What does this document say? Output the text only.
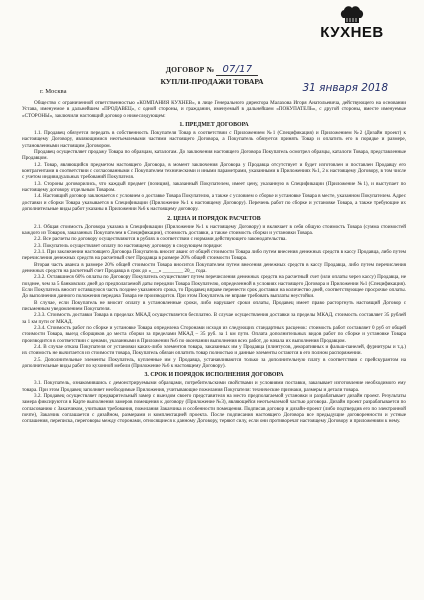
КУХНЕВ
ДОГОВОР № 07/17
КУПЛИ-ПРОДАЖИ ТОВАРА
г. Москва	31 января 2018

Общество с ограниченной ответственностью «КОМПАНИЯ КУХНЕВ», в лице Генерального директора Малахова Игоря Анатольевича, действующего на основании Устава, именуемое в дальнейшем «ПРОДАВЕЦ», с одной стороны, и гражданин, именуемый в дальнейшем «ПОКУПАТЕЛЬ», с другой стороны, вместе именуемые «СТОРОНЫ», заключили настоящий договор о нижеследующем:

1. ПРЕДМЕТ ДОГОВОРА

1.1. Продавец обязуется передать в собственность Покупателя Товар в соответствии с Приложением №1 (Спецификация) и Приложением №2 (Дизайн проект) к настоящему Договору, являющимися неотъемлемыми частями настоящего Договора, а Покупатель обязуется принять Товар и оплатить его в порядке и размере, установленными настоящим Договором.

Продавец осуществляет продажу Товара по образцам, каталогам. До заключения настоящего Договора Покупатель осмотрел образцы, каталоги Товара, представленные Продавцом.

1.2. Товар, являющийся предметом настоящего Договора, в момент заключения Договора у Продавца отсутствует и будет изготовлен и поставлен Продавцу его контрагентами в соответствии с согласованными с Покупателем техническими и иными параметрами, указанными в Приложениях №1, 2 к настоящему Договору, в том числе с учетом индивидуальных требований Покупателя.

1.3. Стороны договорились, что каждый предмет (позиция), заказанный Покупателем, имеет цену, указанную в Спецификации (Приложение №1), и выступает по настоящему договору отдельным Товаром.

1.4. Настоящий договор заключается с условием о доставке Товара Покупателю, а также с условием о сборке и установке Товара в месте, указанном Покупателем. Адрес доставки и сборки Товара указывается в Спецификации (Приложение №1 к настоящему Договору). Перечень работ по сборке и установке Товара, а также требующие их дополнительные виды работ указаны в Приложении №6 к настоящему договору.

2. ЦЕНА И ПОРЯДОК РАСЧЕТОВ

2.1. Общая стоимость Договора указана в Спецификации (Приложение №1 к настоящему Договору) и включает в себя общую стоимость Товара (сумма стоимостей каждого из Товаров, заказанных Покупателем в Спецификации), стоимость доставки, а также стоимость сборки и установки Товара.

2.2. Все расчеты по договору осуществляются в рублях в соответствии с нормами действующего законодательства.

2.3. Покупатель осуществляет оплату по настоящему договору в следующем порядке:

2.3.1. При заключении настоящего Договора Покупатель вносит аванс от общей стоимости Товара либо путем внесения денежных средств в кассу Продавца, либо путем перечисления денежных средств на расчетный счет Продавца в размере 20% общей стоимости Товара.

Вторая часть аванса в размере 20% общей стоимости Товара вносится Покупателем путем внесения денежных средств в кассу Продавца, либо путем перечисления денежных средств на расчетный счет Продавца в срок до «___» ________ 20__ года.

2.3.2. Оставшиеся 60% оплаты по Договору Покупатель осуществляет путем перечисления денежных средств на расчетный счет (или оплаты через кассу) Продавца, не позднее, чем за 5 банковских дней до предполагаемой даты передачи Товара Покупателю, определенной в условиях настоящего Договора и Приложении №1 (Спецификация). Если Покупатель вносит оставшуюся часть позднее указанного срока, то Продавец вправе перенести срок доставки на количество дней, соответствующее просрочке оплаты. До выполнения данного положения передача Товара не производится. При этом Покупатель не вправе требовать выплаты неустойки.

В случае, если Покупатель не вносит оплату в установленные сроки, либо нарушает сроки оплаты, Продавец имеет право расторгнуть настоящий Договор с письменным уведомлением Покупателя.

2.3.3. Стоимость доставки Товара в пределах МКАД осуществляется бесплатно. В случае осуществления доставки за пределы МКАД, стоимость составляет 35 рублей за 1 км пути от МКАД.

2.3.4. Стоимость работ по сборке и установке Товара определена Сторонами исходя из следующих стандартных расценок: стоимость работ составляет 0 руб от общей стоимости Товара, выезд сборщиков до места сборки за пределами МКАД – 35 руб. за 1 км пути. Оплата дополнительных видов работ по сборке и установке Товара производится в соответствии с ценами, указанными в Приложении №6 по окончании выполнения всех работ, до начала их выполнения Продавцом.

2.4. В случае отказа Покупателя от установки каких-либо элементов товара, заказанных им у Продавца (плинтусов, декоративных и фальш-панелей, фурнитуры и т.д.) их стоимость не вычитается из стоимости товара, Покупатель обязан оплатить товар полностью и данные элементы остаются в его полном распоряжении.

2.5. Дополнительные элементы Покупатель, купленные им у Продавца, устанавливаются только за дополнительную плату в соответствии с прейскурантом на дополнительные виды работ по кухонной мебели (Приложение №6 к настоящему Договору).

3. СРОК И ПОРЯДОК ИСПОЛНЕНИЯ ДОГОВОРА

3.1. Покупатель, ознакомившись с демонстрируемыми образцами, потребительскими свойствами и условиями поставки, заказывает изготовление необходимого ему товара. При этом Продавец заполняет необходимые Приложения, учитывающие пожелания Покупателя: технические признаки, размеры и детали товара.

3.2. Продавец осуществляет предварительный замер с выездом своего представителя на место предполагаемой установки и разрабатывает дизайн проект. Результаты замера фиксируются в Карте выполнения замеров помещения к договору (Приложение №3), являющейся неотъемлемой частью договора. Дизайн проект разрабатывается по согласованию с Заказчиком, учитывая требования, пожелания Заказчика и особенности помещения. Подписав договор и дизайн-проект (либо подтвердив его по электронной почте), Заказчик соглашается с дизайном, размерами и комплектацией проекта. После подписания настоящего Договора все предыдущие договоренности и устные соглашения, переписка, переговоры между сторонами, относящиеся к данному Договору, теряют силу, если они противоречат настоящему Договору и приложениям к нему.
